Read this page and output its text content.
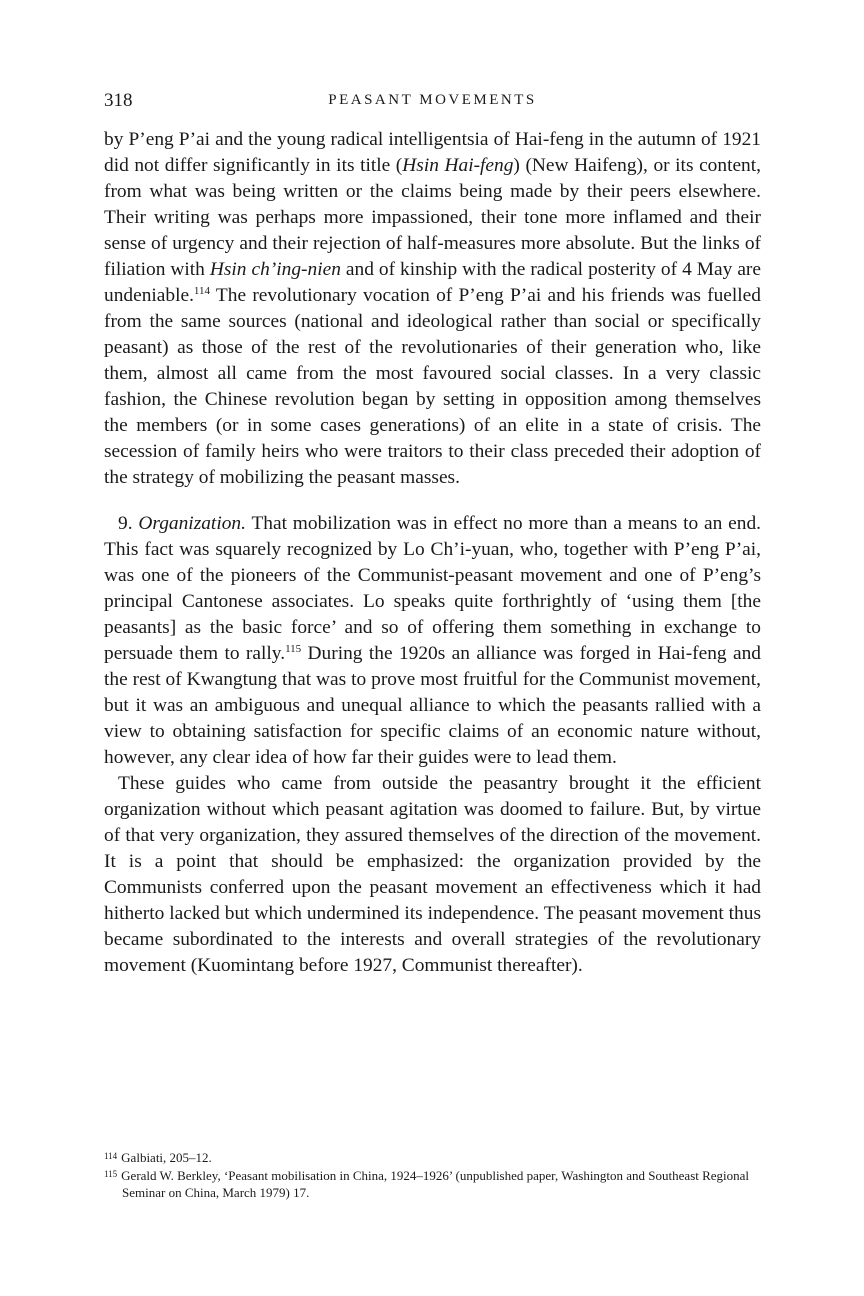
318	PEASANT MOVEMENTS

by P’eng P’ai and the young radical intelligentsia of Hai-feng in the autumn of 1921 did not differ significantly in its title (Hsin Hai-feng) (New Haifeng), or its content, from what was being written or the claims being made by their peers elsewhere. Their writing was perhaps more impassioned, their tone more inflamed and their sense of urgency and their rejection of half-measures more absolute. But the links of filiation with Hsin ch’ing-nien and of kinship with the radical posterity of 4 May are undeniable.$^{114}$ The revolutionary vocation of P’eng P’ai and his friends was fuelled from the same sources (national and ideological rather than social or specifically peasant) as those of the rest of the revolutionaries of their generation who, like them, almost all came from the most favoured social classes. In a very classic fashion, the Chinese revolution began by setting in opposition among themselves the members (or in some cases generations) of an elite in a state of crisis. The secession of family heirs who were traitors to their class preceded their adoption of the strategy of mobilizing the peasant masses.

9. Organization. That mobilization was in effect no more than a means to an end. This fact was squarely recognized by Lo Ch’i-yuan, who, together with P’eng P’ai, was one of the pioneers of the Communist-peasant movement and one of P’eng’s principal Cantonese associates. Lo speaks quite forthrightly of ‘using them [the peasants] as the basic force’ and so of offering them something in exchange to persuade them to rally.$^{115}$ During the 1920s an alliance was forged in Hai-feng and the rest of Kwangtung that was to prove most fruitful for the Communist movement, but it was an ambiguous and unequal alliance to which the peasants rallied with a view to obtaining satisfaction for specific claims of an economic nature without, however, any clear idea of how far their guides were to lead them.

These guides who came from outside the peasantry brought it the efficient organization without which peasant agitation was doomed to failure. But, by virtue of that very organization, they assured themselves of the direction of the movement. It is a point that should be emphasized: the organization provided by the Communists conferred upon the peasant movement an effectiveness which it had hitherto lacked but which undermined its independence. The peasant movement thus became subordinated to the interests and overall strategies of the revolutionary movement (Kuomintang before 1927, Communist thereafter).

$^{114}$ Galbiati, 205–12.

$^{115}$ Gerald W. Berkley, ‘Peasant mobilisation in China, 1924–1926’ (unpublished paper, Washington and Southeast Regional Seminar on China, March 1979) 17.
